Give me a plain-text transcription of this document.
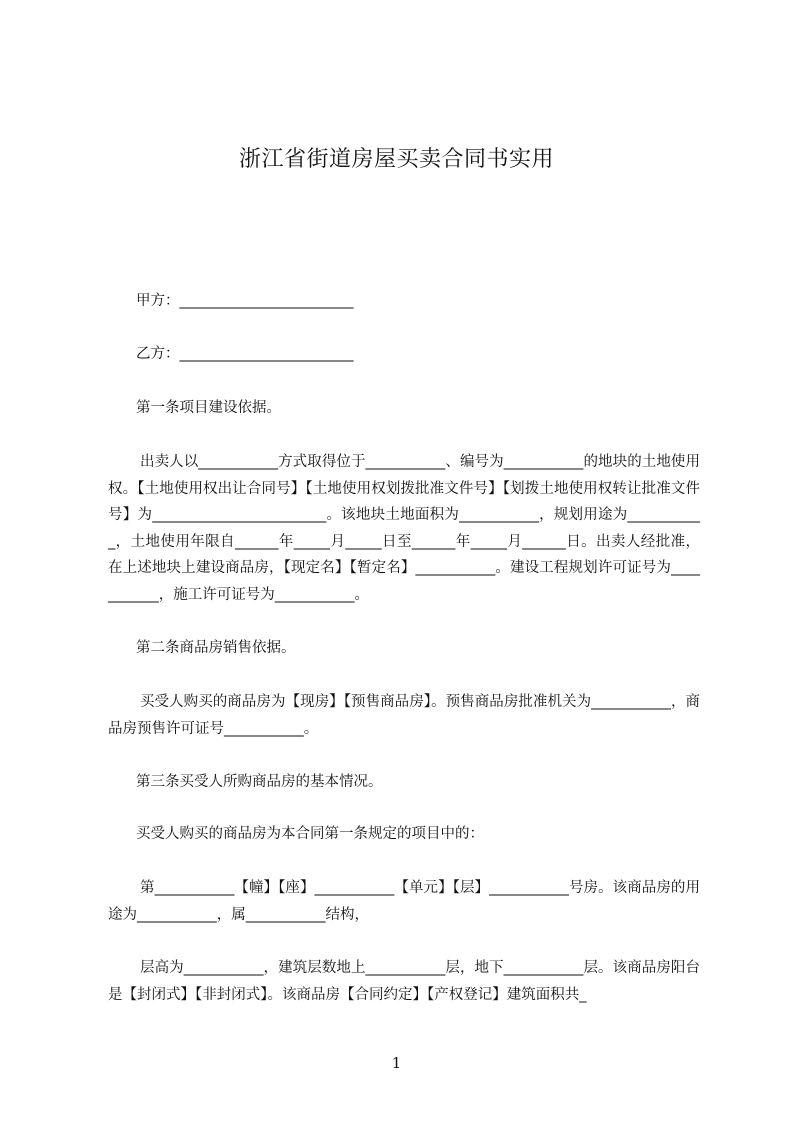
浙江省街道房屋买卖合同书实用
甲方：________________________
乙方：________________________
第一条项目建设依据。
出卖人以___________方式取得位于___________、编号为___________的地块的土地使用权。【土地使用权出让合同号】【土地使用权划拨批准文件号】【划拨土地使用权转让批准文件号】为________________________。该地块土地面积为___________，规划用途为___________，土地使用年限自______年_____月_____日至______年_____月______日。出卖人经批准，在上述地块上建设商品房，【现定名】【暂定名】___________。建设工程规划许可证号为___________，施工许可证号为___________。
第二条商品房销售依据。
买受人购买的商品房为【现房】【预售商品房】。预售商品房批准机关为___________，商品房预售许可证号___________。
第三条买受人所购商品房的基本情况。
买受人购买的商品房为本合同第一条规定的项目中的：
第___________【幢】【座】___________【单元】【层】___________号房。该商品房的用途为___________，属___________结构，
层高为___________，建筑层数地上___________层，地下___________层。该商品房阳台是【封闭式】【非封闭式】。该商品房【合同约定】【产权登记】建筑面积共_
1
